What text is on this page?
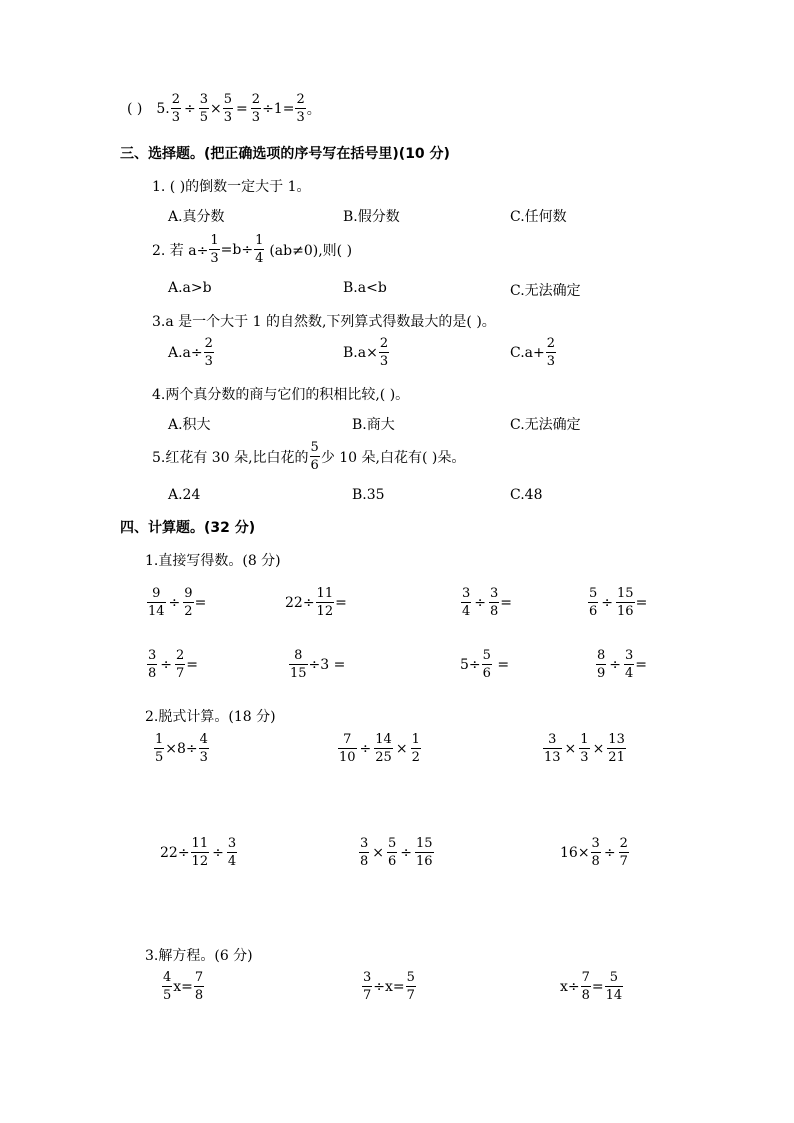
( ) 5. $\frac{2}{3} \div \frac{3}{5} \times \frac{5}{3} = \frac{2}{3} \div 1= \frac{2}{3}$ 。
三、选择题。(把正确选项的序号写在括号里)(10 分)
1. ( )的倒数一定大于 1。
A.真分数	B.假分数	C.任何数
2. 若 $a\div \frac{1}{3} =b\div \frac{1}{4} (ab\ne 0)$,则( )
A.a>b	B.a<b	C.无法确定
3.a 是一个大于 1 的自然数,下列算式得数最大的是( )。
$A.a\div \frac{2}{3}$	$B.a\times \frac{2}{3}$	$C.a+ \frac{2}{3}$
4.两个真分数的商与它们的积相比较,( )。
A.积大	B.商大	C.无法确定
5.红花有 30 朵,比白花的 $\frac{5}{6}$ 少 10 朵,白花有( )朵。
A.24	B.35	C.48
四、计算题。(32 分)
1.直接写得数。(8 分)
$\frac{9}{14} \div \frac{9}{2}$ =	$22\div \frac{11}{12}$ =	$\frac{3}{4} \div \frac{3}{8}$ =	$\frac{5}{6} \div \frac{15}{16}$ =
$\frac{3}{8} \div \frac{2}{7}$ =	$\frac{8}{15} \div 3$ =	$5\div \frac{5}{6}$ =	$\frac{8}{9} \div \frac{3}{4}$ =
2.脱式计算。(18 分)
$\frac{1}{5} \times 8\div \frac{4}{3}$	$\frac{7}{10} \div \frac{14}{25} \times \frac{1}{2}$	$\frac{3}{13} \times \frac{1}{3} \times \frac{13}{21}$
$22\div \frac{11}{12} \div \frac{3}{4}$	$\frac{3}{8} \times \frac{5}{6} \div \frac{15}{16}$	$16\times \frac{3}{8} \div \frac{2}{7}$
3.解方程。(6 分)
$\frac{4}{5} x= \frac{7}{8}$	$\frac{3}{7} \div x= \frac{5}{7}$	$x\div \frac{7}{8} = \frac{5}{14}$
